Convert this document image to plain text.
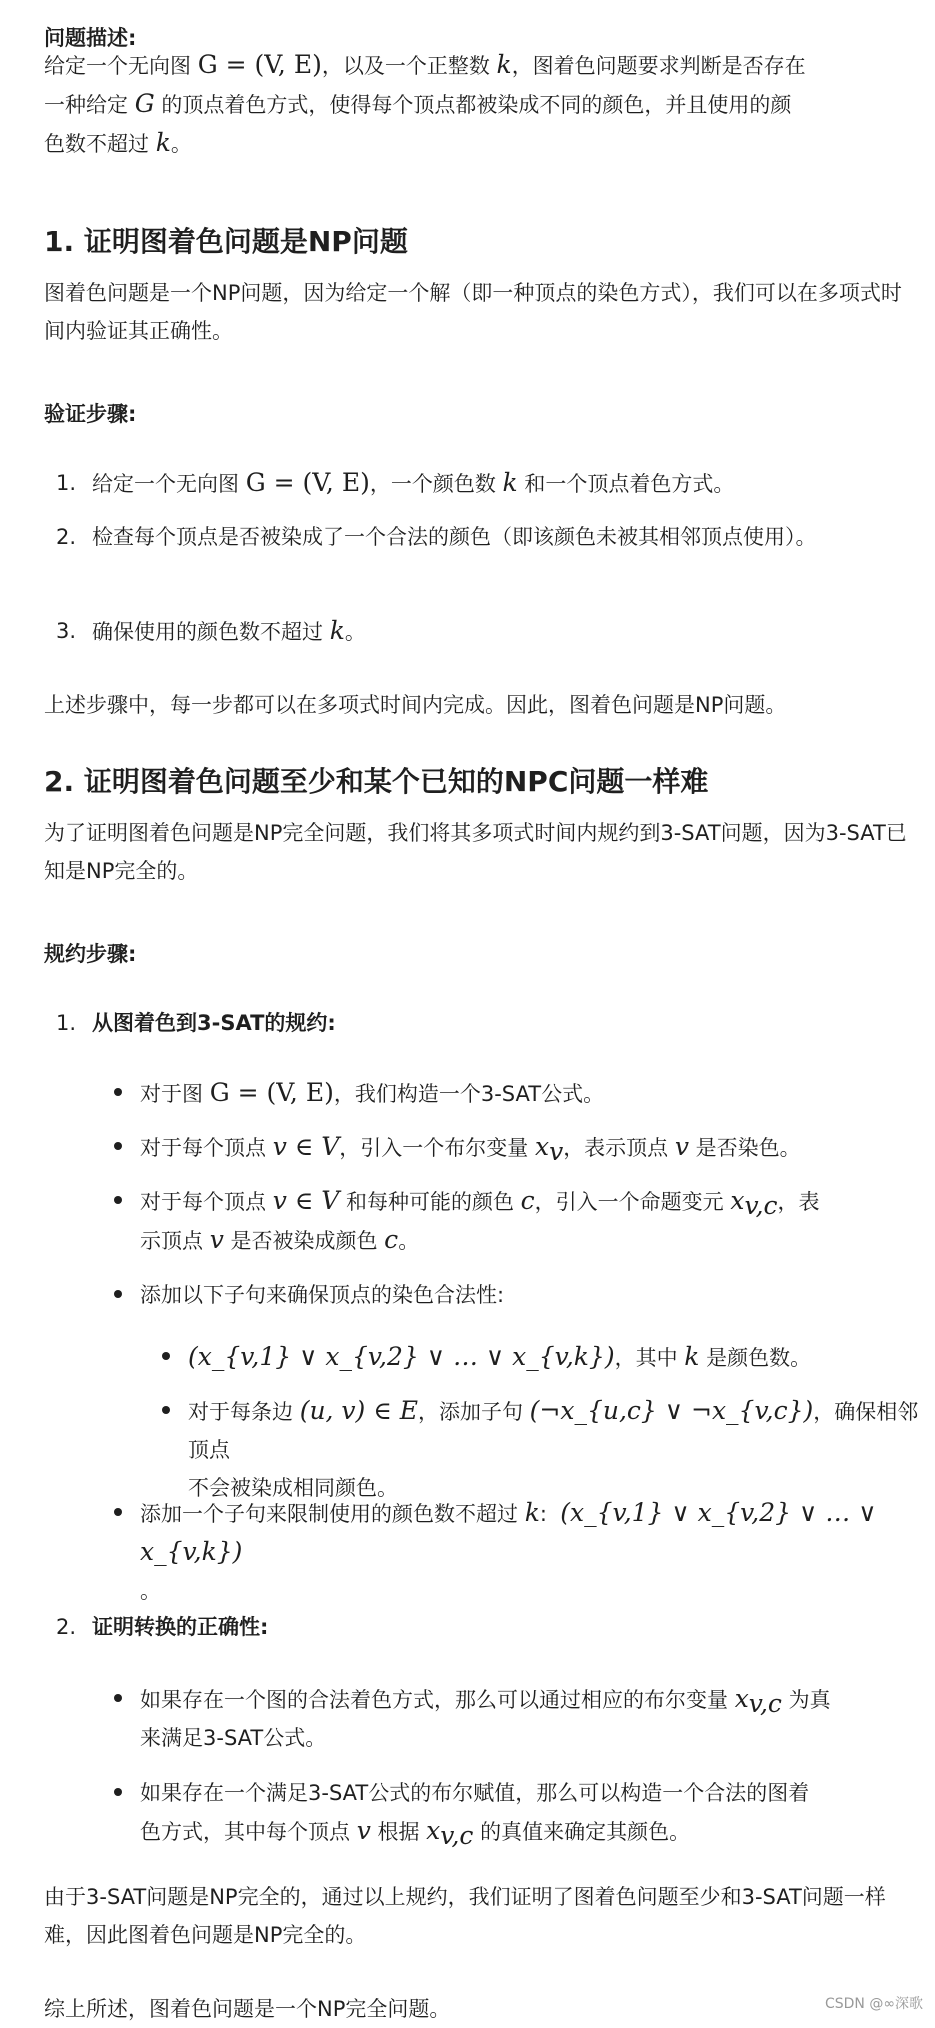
问题描述:
给定一个无向图 G = (V, E)，以及一个正整数 k，图着色问题要求判断是否存在
一种给定 G 的顶点着色方式，使得每个顶点都被染成不同的颜色，并且使用的颜
色数不超过 k。
1. 证明图着色问题是NP问题
图着色问题是一个NP问题，因为给定一个解（即一种顶点的染色方式），我们可以在多项式时间内验证其正确性。
验证步骤:
1. 给定一个无向图 G = (V, E)，一个颜色数 k 和一个顶点着色方式。
2. 检查每个顶点是否被染成了一个合法的颜色（即该颜色未被其相邻顶点使用）。
3. 确保使用的颜色数不超过 k。
上述步骤中，每一步都可以在多项式时间内完成。因此，图着色问题是NP问题。
2. 证明图着色问题至少和某个已知的NPC问题一样难
为了证明图着色问题是NP完全问题，我们将其多项式时间内规约到3-SAT问题，因为3-SAT已知是NP完全的。
规约步骤:
1. 从图着色到3-SAT的规约:
对于图 G = (V, E)，我们构造一个3-SAT公式。
对于每个顶点 v ∈ V，引入一个布尔变量 $x_v$，表示顶点 v 是否染色。
对于每个顶点 v ∈ V 和每种可能的颜色 c，引入一个命题变元 $x_{v,c}$，表
示顶点 v 是否被染成颜色 c。
添加以下子句来确保顶点的染色合法性:
(x_{v,1} ∨ x_{v,2} ∨ … ∨ x_{v,k})，其中 k 是颜色数。
对于每条边 (u, v) ∈ E，添加子句 (¬x_{u,c} ∨ ¬x_{v,c})，确保相邻顶点
不会被染成相同颜色。
添加一个子句来限制使用的颜色数不超过 k: (x_{v,1} ∨ x_{v,2} ∨ … ∨ x_{v,k})
。
2. 证明转换的正确性:
如果存在一个图的合法着色方式，那么可以通过相应的布尔变量 $x_{v,c}$ 为真
来满足3-SAT公式。
如果存在一个满足3-SAT公式的布尔赋值，那么可以构造一个合法的图着
色方式，其中每个顶点 v 根据 $x_{v,c}$ 的真值来确定其颜色。
由于3-SAT问题是NP完全的，通过以上规约，我们证明了图着色问题至少和3-SAT问题一样难，因此图着色问题是NP完全的。
综上所述，图着色问题是一个NP完全问题。	CSDN @∞深歌
